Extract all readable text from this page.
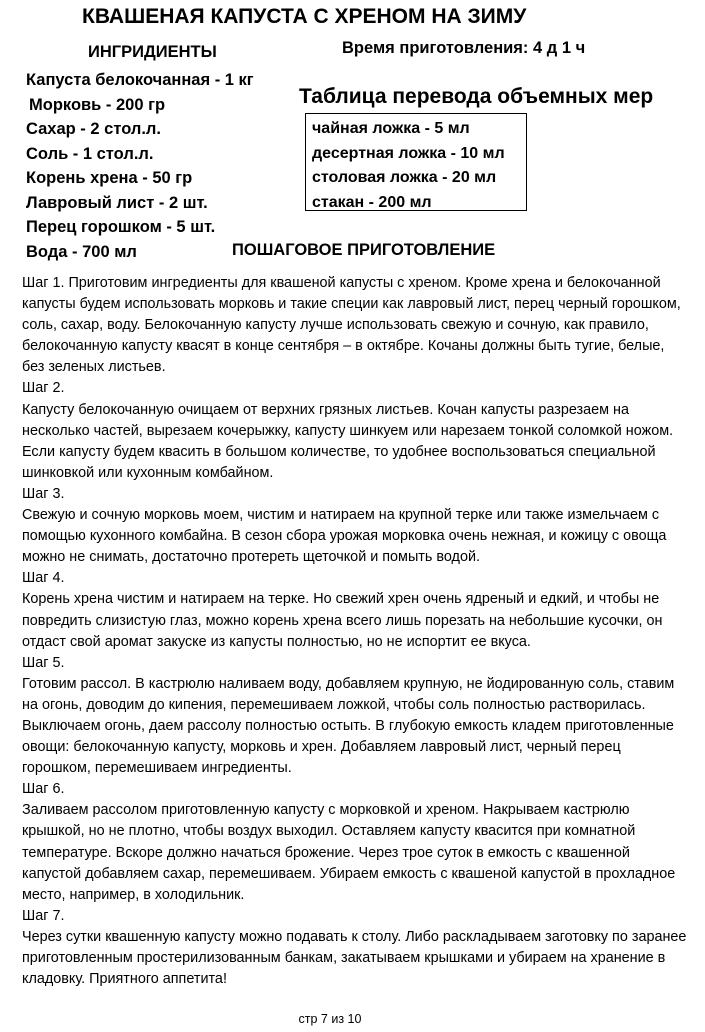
КВАШЕНАЯ КАПУСТА С ХРЕНОМ НА ЗИМУ
ИНГРИДИЕНТЫ	Время приготовления: 4 д 1 ч
Капуста белокочанная - 1 кг
Морковь - 200 гр
Сахар - 2 стол.л.
Соль - 1 стол.л.
Корень хрена - 50 гр
Лавровый лист - 2 шт.
Перец горошком - 5 шт.
Вода - 700 мл
Таблица перевода объемных мер
чайная ложка - 5 мл
десертная ложка - 10 мл
столовая ложка - 20 мл
стакан - 200 мл
ПОШАГОВОЕ ПРИГОТОВЛЕНИЕ

Шаг 1. Приготовим ингредиенты для квашеной капусты с хреном. Кроме хрена и белокочанной капусты будем использовать морковь и такие специи как лавровый лист, перец черный горошком, соль, сахар, воду. Белокочанную капусту лучше использовать свежую и сочную, как правило, белокочанную капусту квасят в конце сентября – в октябре. Кочаны должны быть тугие, белые, без зеленых листьев.

Шаг 2.

Капусту белокочанную очищаем от верхних грязных листьев. Кочан капусты разрезаем на несколько частей, вырезаем кочерыжку, капусту шинкуем или нарезаем тонкой соломкой ножом. Если капусту будем квасить в большом количестве, то удобнее воспользоваться специальной шинковкой или кухонным комбайном.

Шаг 3.

Свежую и сочную морковь моем, чистим и натираем на крупной терке или также измельчаем с помощью кухонного комбайна. В сезон сбора урожая морковка очень нежная, и кожицу с овоща можно не снимать, достаточно протереть щеточкой и помыть водой.

Шаг 4.

Корень хрена чистим и натираем на терке. Но свежий хрен очень ядреный и едкий, и чтобы не повредить слизистую глаз, можно корень хрена всего лишь порезать на небольшие кусочки, он отдаст свой аромат закуске из капусты полностью, но не испортит ее вкуса.

Шаг 5.

Готовим рассол. В кастрюлю наливаем воду, добавляем крупную, не йодированную соль, ставим на огонь, доводим до кипения, перемешиваем ложкой, чтобы соль полностью растворилась. Выключаем огонь, даем рассолу полностью остыть. В глубокую емкость кладем приготовленные овощи: белокочанную капусту, морковь и хрен. Добавляем лавровый лист, черный перец горошком, перемешиваем ингредиенты.

Шаг 6.

Заливаем рассолом приготовленную капусту с морковкой и хреном. Накрываем кастрюлю крышкой, но не плотно, чтобы воздух выходил. Оставляем капусту квасится при комнатной температуре. Вскоре должно начаться брожение. Через трое суток в емкость с квашенной капустой добавляем сахар, перемешиваем. Убираем емкость с квашеной капустой в прохладное место, например, в холодильник.

Шаг 7.

Через сутки квашенную капусту можно подавать к столу. Либо раскладываем заготовку по заранее приготовленным простерилизованным банкам, закатываем крышками и убираем на хранение в кладовку. Приятного аппетита!

стр 7 из 10
